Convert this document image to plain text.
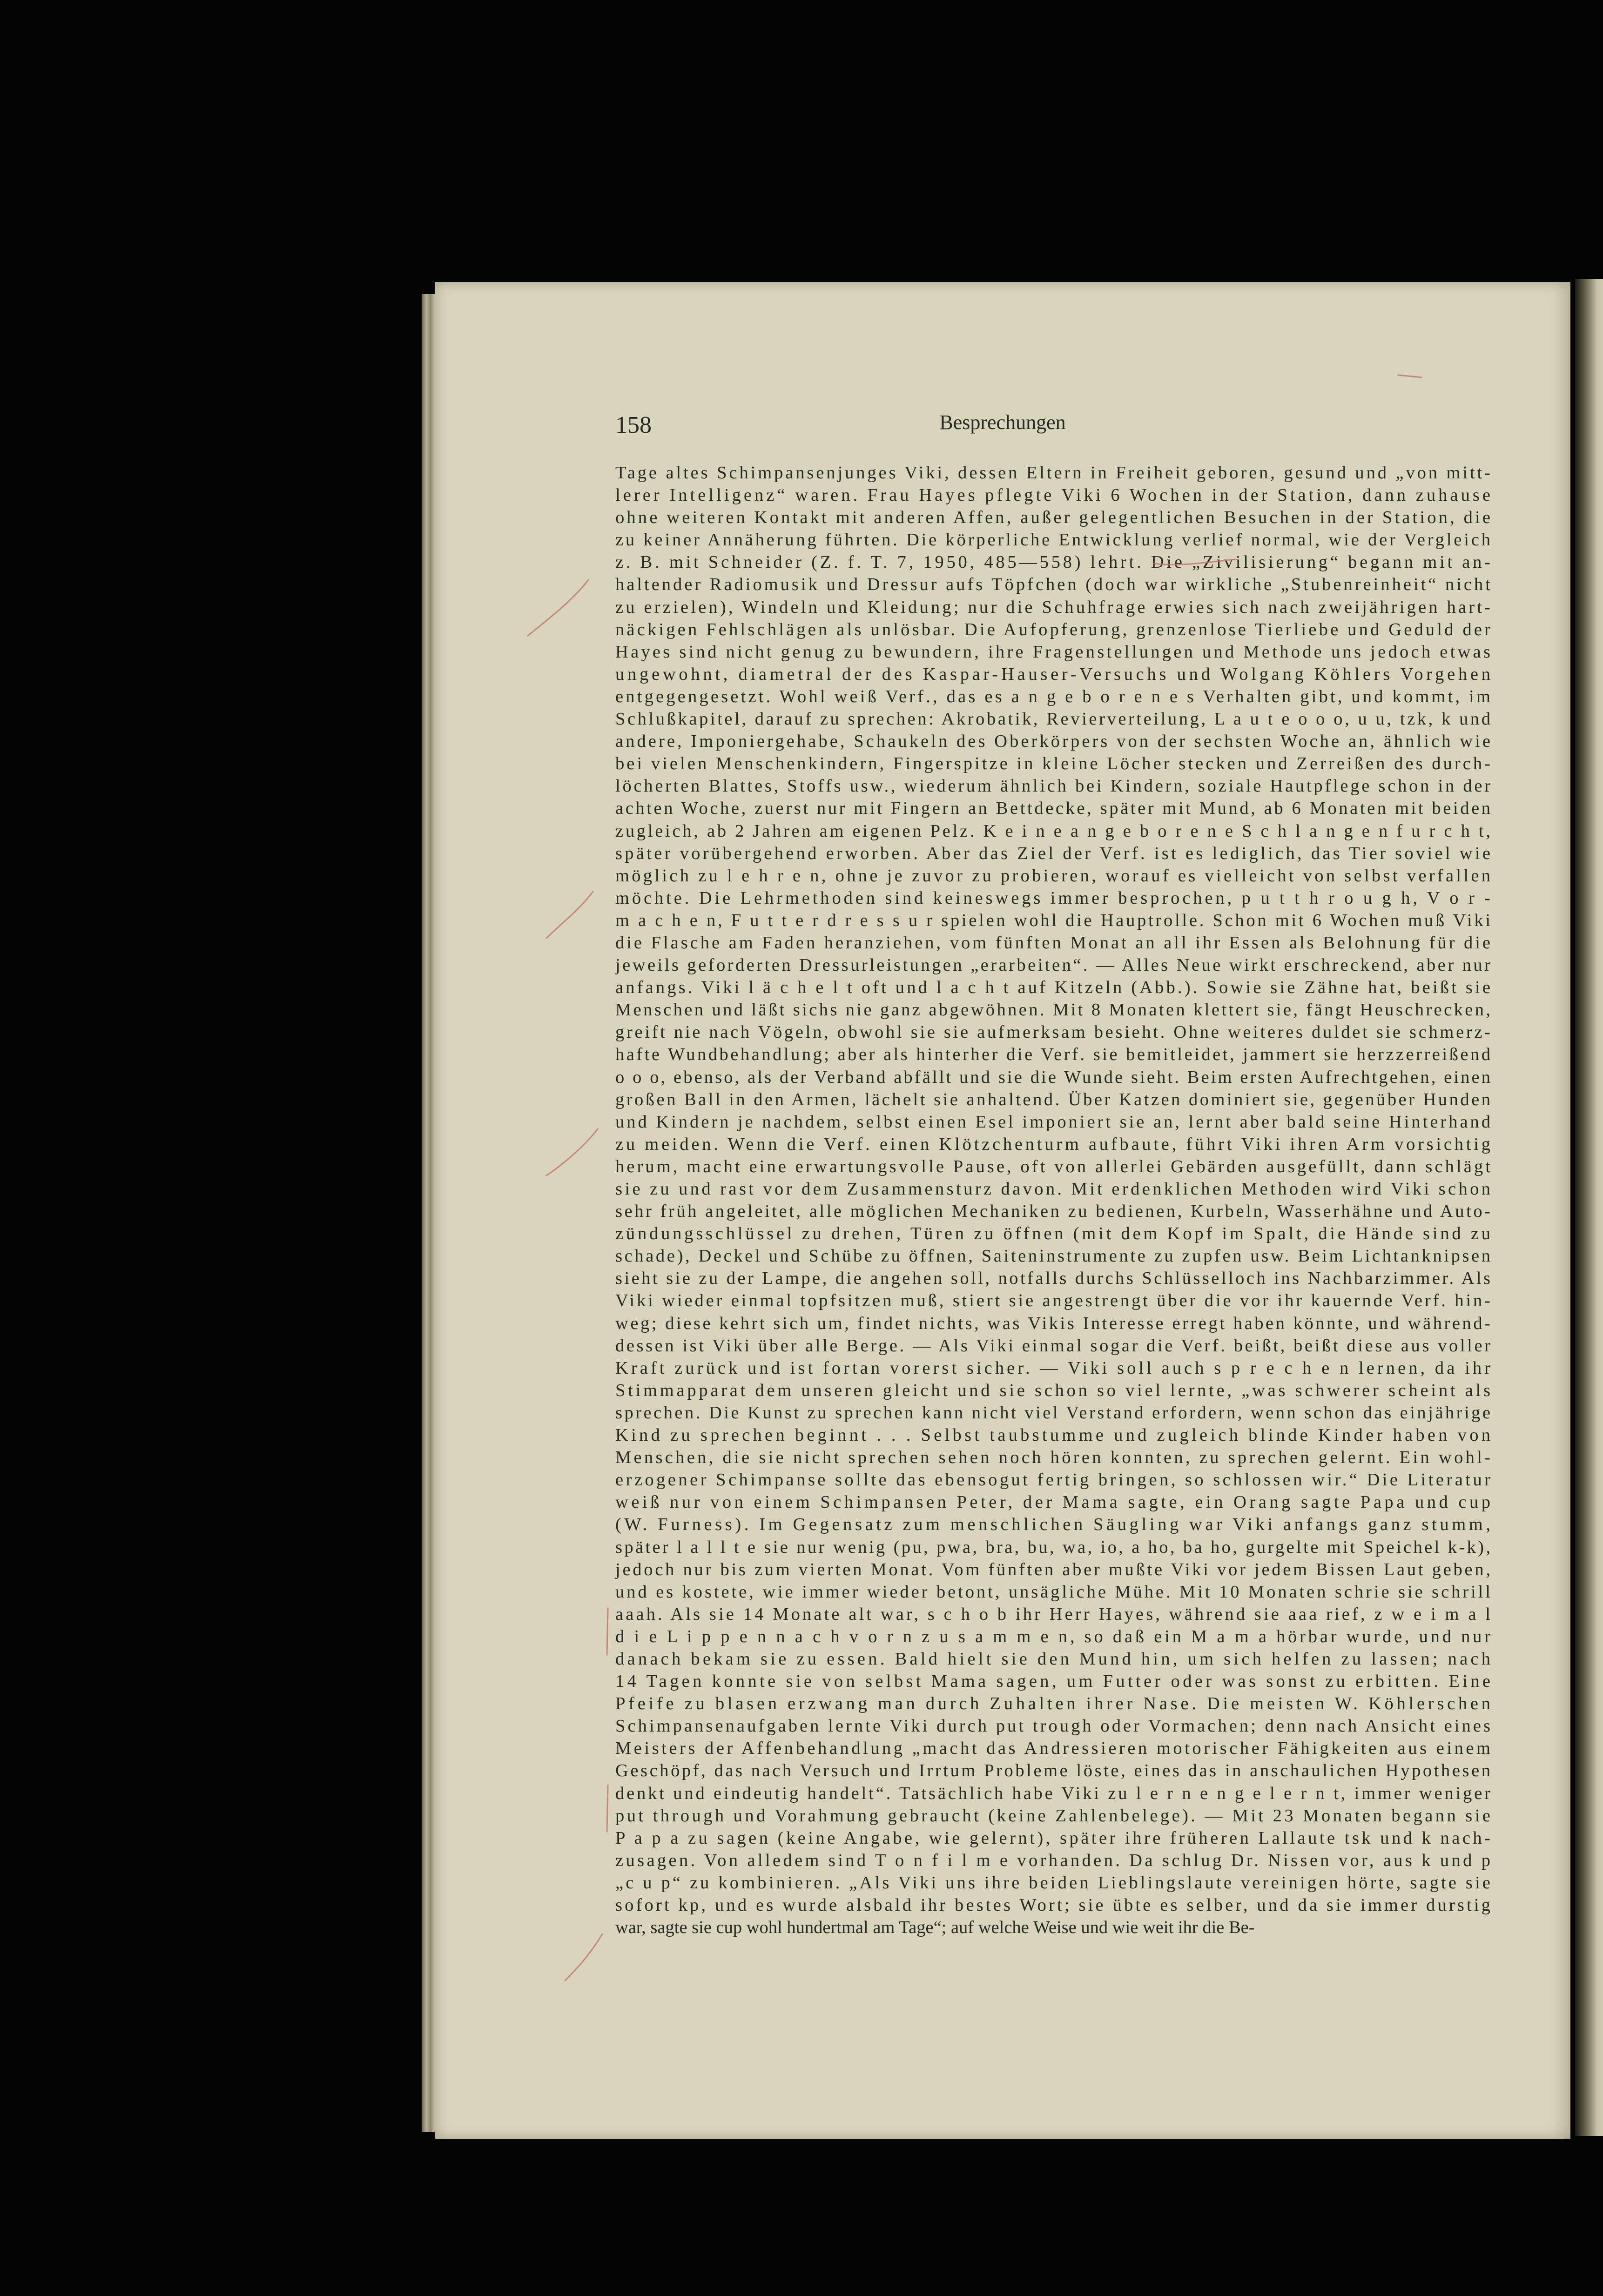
158	Besprechungen
Tage altes Schimpansenjunges Viki, dessen Eltern in Freiheit geboren, gesund und „von mitt-
lerer Intelligenz“ waren. Frau Hayes pflegte Viki 6 Wochen in der Station, dann zuhause
ohne weiteren Kontakt mit anderen Affen, außer gelegentlichen Besuchen in der Station, die
zu keiner Annäherung führten. Die körperliche Entwicklung verlief normal, wie der Vergleich
z. B. mit Schneider (Z. f. T. 7, 1950, 485—558) lehrt. Die „Zivilisierung“ begann mit an-
haltender Radiomusik und Dressur aufs Töpfchen (doch war wirkliche „Stubenreinheit“ nicht
zu erzielen), Windeln und Kleidung; nur die Schuhfrage erwies sich nach zweijährigen hart-
näckigen Fehlschlägen als unlösbar. Die Aufopferung, grenzenlose Tierliebe und Geduld der
Hayes sind nicht genug zu bewundern, ihre Fragenstellungen und Methode uns jedoch etwas
ungewohnt, diametral der des Kaspar-Hauser-Versuchs und Wolgang Köhlers Vorgehen
entgegengesetzt. Wohl weiß Verf., das es a n g e b o r e n e s Verhalten gibt, und kommt, im
Schlußkapitel, darauf zu sprechen: Akrobatik, Revierverteilung, L a u t e o o o, u u, tzk, k und
andere, Imponiergehabe, Schaukeln des Oberkörpers von der sechsten Woche an, ähnlich wie
bei vielen Menschenkindern, Fingerspitze in kleine Löcher stecken und Zerreißen des durch-
löcherten Blattes, Stoffs usw., wiederum ähnlich bei Kindern, soziale Hautpflege schon in der
achten Woche, zuerst nur mit Fingern an Bettdecke, später mit Mund, ab 6 Monaten mit beiden
zugleich, ab 2 Jahren am eigenen Pelz. K e i n e a n g e b o r e n e S c h l a n g e n f u r c h t,
später vorübergehend erworben. Aber das Ziel der Verf. ist es lediglich, das Tier soviel wie
möglich zu l e h r e n, ohne je zuvor zu probieren, worauf es vielleicht von selbst verfallen
möchte. Die Lehrmethoden sind keineswegs immer besprochen, p u t t h r o u g h, V o r -
m a c h e n, F u t t e r d r e s s u r spielen wohl die Hauptrolle. Schon mit 6 Wochen muß Viki
die Flasche am Faden heranziehen, vom fünften Monat an all ihr Essen als Belohnung für die
jeweils geforderten Dressurleistungen „erarbeiten“. — Alles Neue wirkt erschreckend, aber nur
anfangs. Viki l ä c h e l t oft und l a c h t auf Kitzeln (Abb.). Sowie sie Zähne hat, beißt sie
Menschen und läßt sichs nie ganz abgewöhnen. Mit 8 Monaten klettert sie, fängt Heuschrecken,
greift nie nach Vögeln, obwohl sie sie aufmerksam besieht. Ohne weiteres duldet sie schmerz-
hafte Wundbehandlung; aber als hinterher die Verf. sie bemitleidet, jammert sie herzzerreißend
o o o, ebenso, als der Verband abfällt und sie die Wunde sieht. Beim ersten Aufrechtgehen, einen
großen Ball in den Armen, lächelt sie anhaltend. Über Katzen dominiert sie, gegenüber Hunden
und Kindern je nachdem, selbst einen Esel imponiert sie an, lernt aber bald seine Hinterhand
zu meiden. Wenn die Verf. einen Klötzchenturm aufbaute, führt Viki ihren Arm vorsichtig
herum, macht eine erwartungsvolle Pause, oft von allerlei Gebärden ausgefüllt, dann schlägt
sie zu und rast vor dem Zusammensturz davon. Mit erdenklichen Methoden wird Viki schon
sehr früh angeleitet, alle möglichen Mechaniken zu bedienen, Kurbeln, Wasserhähne und Auto-
zündungsschlüssel zu drehen, Türen zu öffnen (mit dem Kopf im Spalt, die Hände sind zu
schade), Deckel und Schübe zu öffnen, Saiteninstrumente zu zupfen usw. Beim Lichtanknipsen
sieht sie zu der Lampe, die angehen soll, notfalls durchs Schlüsselloch ins Nachbarzimmer. Als
Viki wieder einmal topfsitzen muß, stiert sie angestrengt über die vor ihr kauernde Verf. hin-
weg; diese kehrt sich um, findet nichts, was Vikis Interesse erregt haben könnte, und während-
dessen ist Viki über alle Berge. — Als Viki einmal sogar die Verf. beißt, beißt diese aus voller
Kraft zurück und ist fortan vorerst sicher. — Viki soll auch s p r e c h e n lernen, da ihr
Stimmapparat dem unseren gleicht und sie schon so viel lernte, „was schwerer scheint als
sprechen. Die Kunst zu sprechen kann nicht viel Verstand erfordern, wenn schon das einjährige
Kind zu sprechen beginnt . . . Selbst taubstumme und zugleich blinde Kinder haben von
Menschen, die sie nicht sprechen sehen noch hören konnten, zu sprechen gelernt. Ein wohl-
erzogener Schimpanse sollte das ebensogut fertig bringen, so schlossen wir.“ Die Literatur
weiß nur von einem Schimpansen Peter, der Mama sagte, ein Orang sagte Papa und cup
(W. Furness). Im Gegensatz zum menschlichen Säugling war Viki anfangs ganz stumm,
später l a l l t e sie nur wenig (pu, pwa, bra, bu, wa, io, a ho, ba ho, gurgelte mit Speichel k-k),
jedoch nur bis zum vierten Monat. Vom fünften aber mußte Viki vor jedem Bissen Laut geben,
und es kostete, wie immer wieder betont, unsägliche Mühe. Mit 10 Monaten schrie sie schrill
aaah. Als sie 14 Monate alt war, s c h o b ihr Herr Hayes, während sie aaa rief, z w e i m a l
d i e L i p p e n n a c h v o r n z u s a m m e n, so daß ein M a m a hörbar wurde, und nur
danach bekam sie zu essen. Bald hielt sie den Mund hin, um sich helfen zu lassen; nach
14 Tagen konnte sie von selbst Mama sagen, um Futter oder was sonst zu erbitten. Eine
Pfeife zu blasen erzwang man durch Zuhalten ihrer Nase. Die meisten W. Köhlerschen
Schimpansenaufgaben lernte Viki durch put trough oder Vormachen; denn nach Ansicht eines
Meisters der Affenbehandlung „macht das Andressieren motorischer Fähigkeiten aus einem
Geschöpf, das nach Versuch und Irrtum Probleme löste, eines das in anschaulichen Hypothesen
denkt und eindeutig handelt“. Tatsächlich habe Viki zu l e r n e n g e l e r n t, immer weniger
put through und Vorahmung gebraucht (keine Zahlenbelege). — Mit 23 Monaten begann sie
P a p a zu sagen (keine Angabe, wie gelernt), später ihre früheren Lallaute tsk und k nach-
zusagen. Von alledem sind T o n f i l m e vorhanden. Da schlug Dr. Nissen vor, aus k und p
„c u p“ zu kombinieren. „Als Viki uns ihre beiden Lieblingslaute vereinigen hörte, sagte sie
sofort kp, und es wurde alsbald ihr bestes Wort; sie übte es selber, und da sie immer durstig
war, sagte sie cup wohl hundertmal am Tage“; auf welche Weise und wie weit ihr die Be-
